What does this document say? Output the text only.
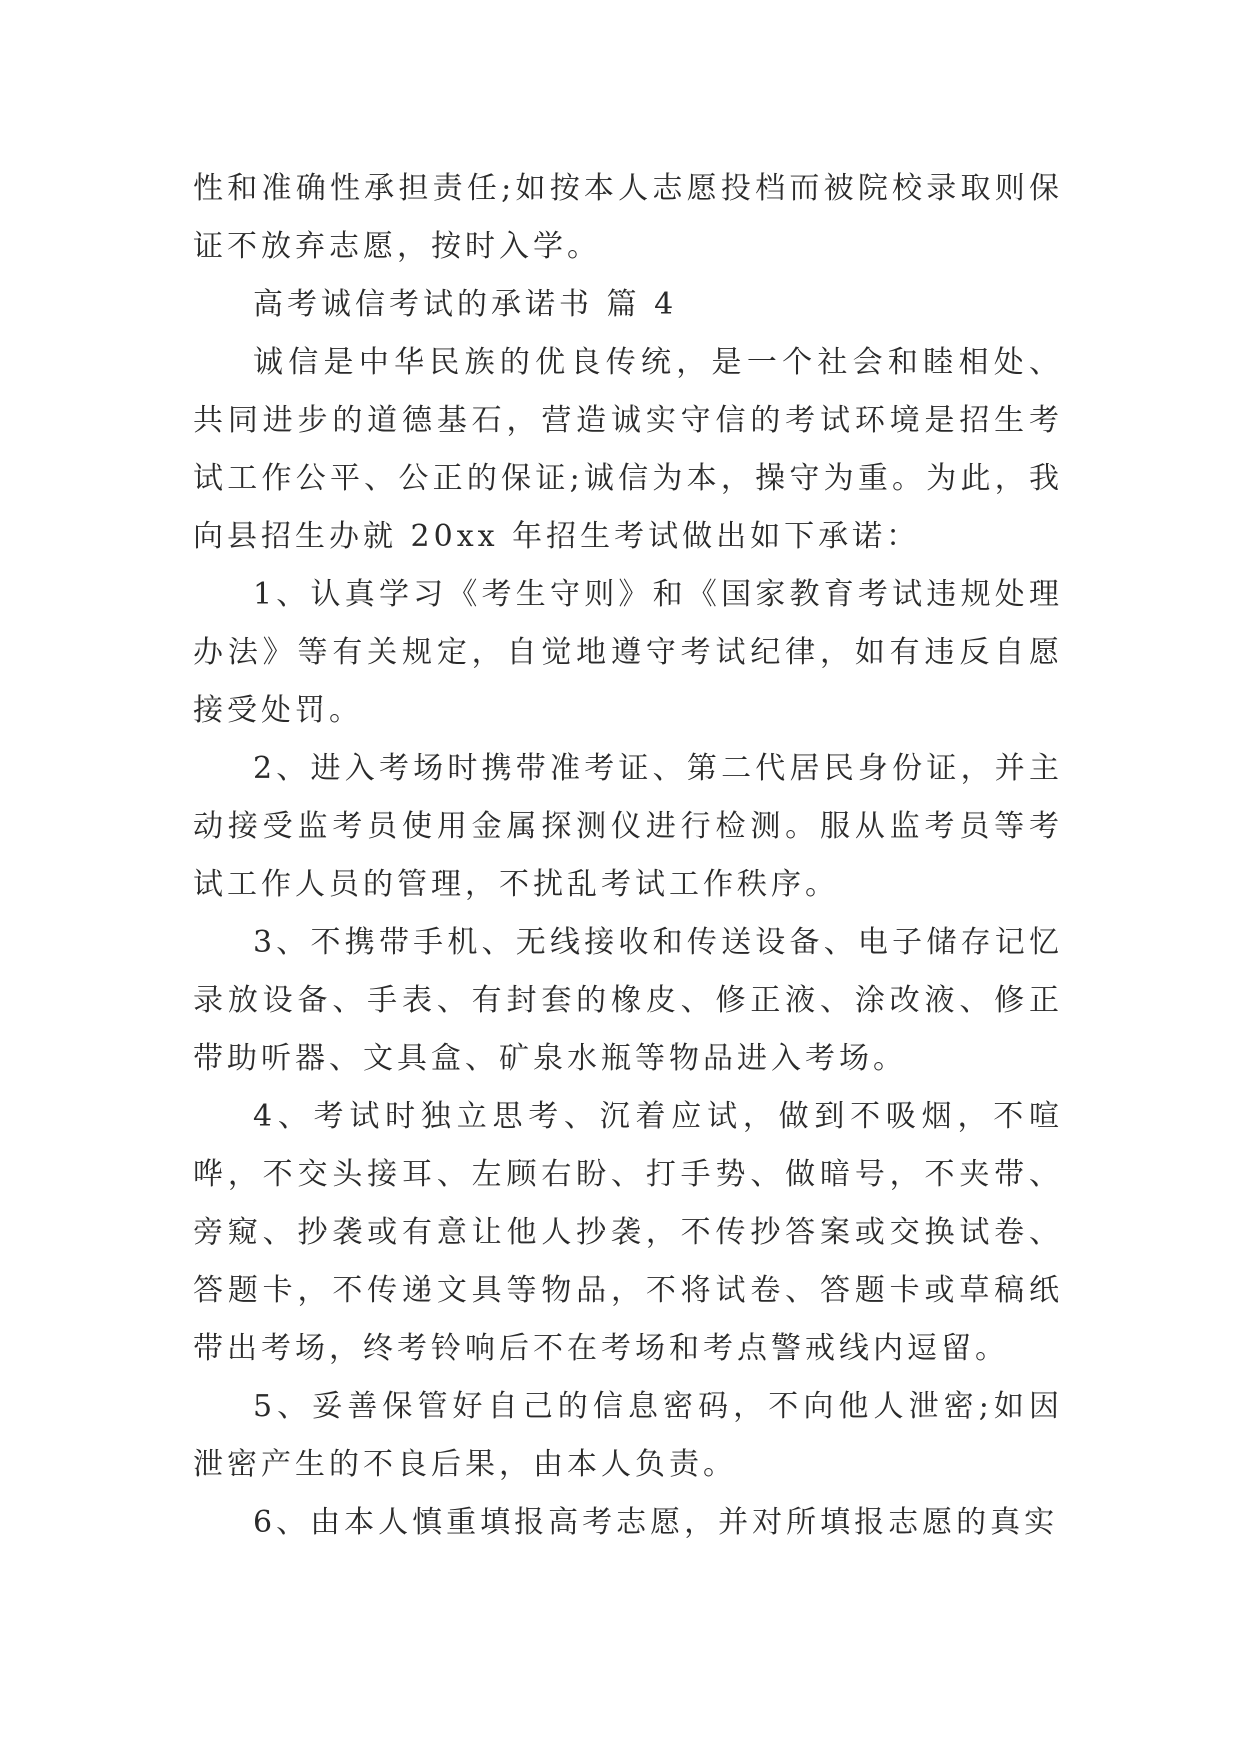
性和准确性承担责任;如按本人志愿投档而被院校录取则保证不放弃志愿，按时入学。

高考诚信考试的承诺书 篇 4

诚信是中华民族的优良传统，是一个社会和睦相处、共同进步的道德基石，营造诚实守信的考试环境是招生考试工作公平、公正的保证;诚信为本，操守为重。为此，我向县招生办就 20xx 年招生考试做出如下承诺：

1、认真学习《考生守则》和《国家教育考试违规处理办法》等有关规定，自觉地遵守考试纪律，如有违反自愿接受处罚。

2、进入考场时携带准考证、第二代居民身份证，并主动接受监考员使用金属探测仪进行检测。服从监考员等考试工作人员的管理，不扰乱考试工作秩序。

3、不携带手机、无线接收和传送设备、电子储存记忆录放设备、手表、有封套的橡皮、修正液、涂改液、修正带助听器、文具盒、矿泉水瓶等物品进入考场。

4、考试时独立思考、沉着应试，做到不吸烟，不喧哗，不交头接耳、左顾右盼、打手势、做暗号，不夹带、旁窥、抄袭或有意让他人抄袭，不传抄答案或交换试卷、答题卡，不传递文具等物品，不将试卷、答题卡或草稿纸带出考场，终考铃响后不在考场和考点警戒线内逗留。

5、妥善保管好自己的信息密码，不向他人泄密;如因泄密产生的不良后果，由本人负责。

6、由本人慎重填报高考志愿，并对所填报志愿的真实
